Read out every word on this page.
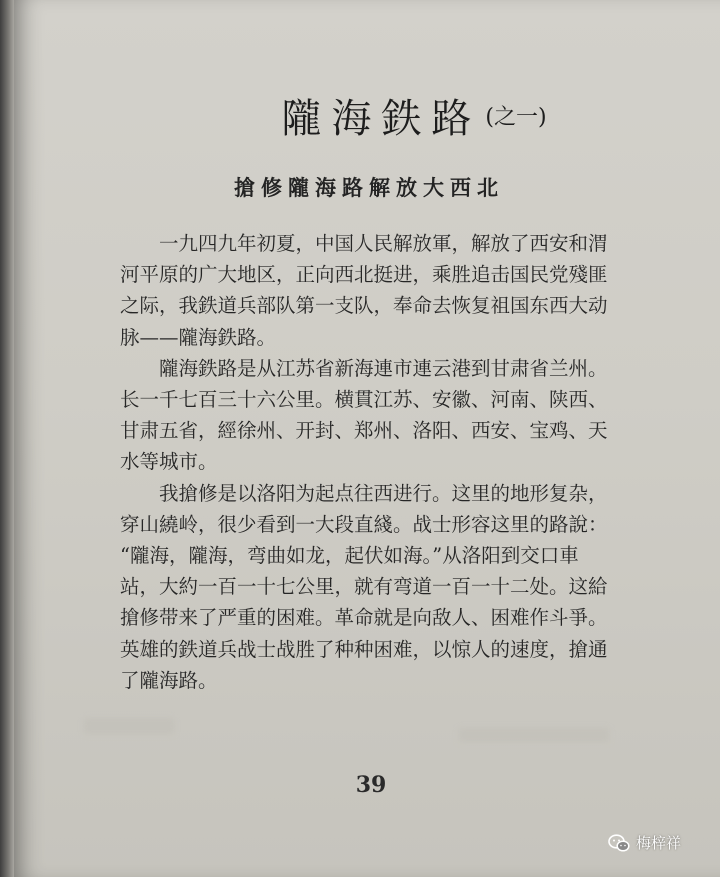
隴海鉄路 (之一)
搶修隴海路解放大西北

一九四九年初夏，中国人民解放軍，解放了西安和渭

河平原的广大地区，正向西北挺进，乘胜追击国民党殘匪

之际，我鉄道兵部队第一支队，奉命去恢复祖国东西大动

脉——隴海鉄路。

隴海鉄路是从江苏省新海連市連云港到甘肃省兰州。

长一千七百三十六公里。横貫江苏、安徽、河南、陕西、

甘肃五省，經徐州、开封、郑州、洛阳、西安、宝鸡、天

水等城市。

我搶修是以洛阳为起点往西进行。这里的地形复杂，

穿山繞岭，很少看到一大段直綫。战士形容这里的路說：

“隴海，隴海，弯曲如龙，起伏如海。”从洛阳到交口車

站，大約一百一十七公里，就有弯道一百一十二处。这給

搶修带来了严重的困难。革命就是向敌人、困难作斗爭。

英雄的鉄道兵战士战胜了种种困难，以惊人的速度，搶通

了隴海路。

39
梅梓祥
